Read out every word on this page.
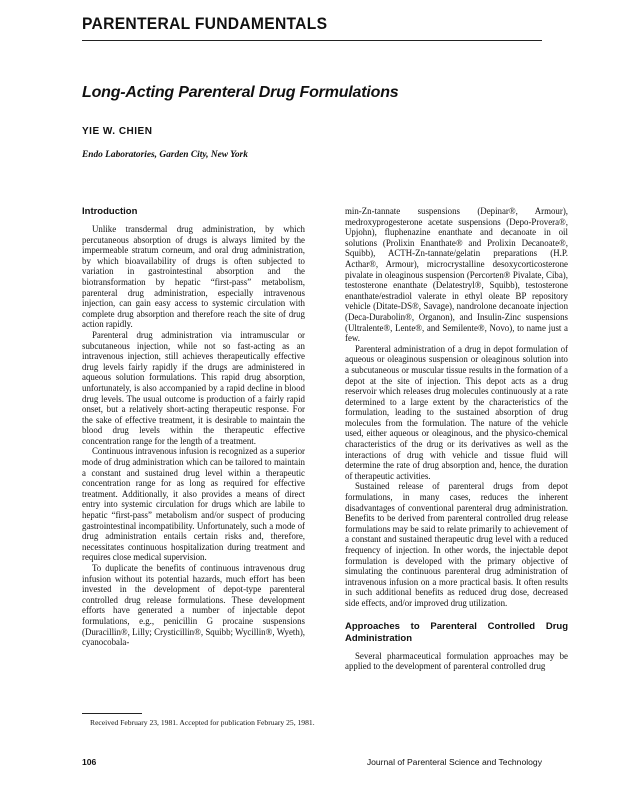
PARENTERAL FUNDAMENTALS
Long-Acting Parenteral Drug Formulations
YIE W. CHIEN
Endo Laboratories, Garden City, New York
Introduction

Unlike transdermal drug administration, by which percutaneous absorption of drugs is always limited by the impermeable stratum corneum, and oral drug administration, by which bioavailability of drugs is often subjected to variation in gastrointestinal absorption and the biotransformation by hepatic “first-pass” metabolism, parenteral drug administration, especially intravenous injection, can gain easy access to systemic circulation with complete drug absorption and therefore reach the site of drug action rapidly.

Parenteral drug administration via intramuscular or subcutaneous injection, while not so fast-acting as an intravenous injection, still achieves therapeutically effective drug levels fairly rapidly if the drugs are administered in aqueous solution formulations. This rapid drug absorption, unfortunately, is also accompanied by a rapid decline in blood drug levels. The usual outcome is production of a fairly rapid onset, but a relatively short-acting therapeutic response. For the sake of effective treatment, it is desirable to maintain the blood drug levels within the therapeutic effective concentration range for the length of a treatment.

Continuous intravenous infusion is recognized as a superior mode of drug administration which can be tailored to maintain a constant and sustained drug level within a therapeutic concentration range for as long as required for effective treatment. Additionally, it also provides a means of direct entry into systemic circulation for drugs which are labile to hepatic “first-pass” metabolism and/or suspect of producing gastrointestinal incompatibility. Unfortunately, such a mode of drug administration entails certain risks and, therefore, necessitates continuous hospitalization during treatment and requires close medical supervision.

To duplicate the benefits of continuous intravenous drug infusion without its potential hazards, much effort has been invested in the development of depot-type parenteral controlled drug release formulations. These development efforts have generated a number of injectable depot formulations, e.g., penicillin G procaine suspensions (Duracillin®, Lilly; Crysticillin®, Squibb; Wycillin®, Wyeth), cyanocobala-

min-Zn-tannate suspensions (Depinar®, Armour), medroxyprogesterone acetate suspensions (Depo-Provera®, Upjohn), fluphenazine enanthate and decanoate in oil solutions (Prolixin Enanthate® and Prolixin Decanoate®, Squibb), ACTH-Zn-tannate/gelatin preparations (H.P. Acthar®, Armour), microcrystalline desoxycorticosterone pivalate in oleaginous suspension (Percorten® Pivalate, Ciba), testosterone enanthate (Delatestryl®, Squibb), testosterone enanthate/estradiol valerate in ethyl oleate BP repository vehicle (Ditate-DS®, Savage), nandrolone decanoate injection (Deca-Durabolin®, Organon), and Insulin-Zinc suspensions (Ultralente®, Lente®, and Semilente®, Novo), to name just a few.

Parenteral administration of a drug in depot formulation of aqueous or oleaginous suspension or oleaginous solution into a subcutaneous or muscular tissue results in the formation of a depot at the site of injection. This depot acts as a drug reservoir which releases drug molecules continuously at a rate determined to a large extent by the characteristics of the formulation, leading to the sustained absorption of drug molecules from the formulation. The nature of the vehicle used, either aqueous or oleaginous, and the physico-chemical characteristics of the drug or its derivatives as well as the interactions of drug with vehicle and tissue fluid will determine the rate of drug absorption and, hence, the duration of therapeutic activities.

Sustained release of parenteral drugs from depot formulations, in many cases, reduces the inherent disadvantages of conventional parenteral drug administration. Benefits to be derived from parenteral controlled drug release formulations may be said to relate primarily to achievement of a constant and sustained therapeutic drug level with a reduced frequency of injection. In other words, the injectable depot formulation is developed with the primary objective of simulating the continuous parenteral drug administration of intravenous infusion on a more practical basis. It often results in such additional benefits as reduced drug dose, decreased side effects, and/or improved drug utilization.

Approaches to Parenteral Controlled Drug Administration

Several pharmaceutical formulation approaches may be applied to the development of parenteral controlled drug

Received February 23, 1981. Accepted for publication February 25, 1981.
106	Journal of Parenteral Science and Technology
